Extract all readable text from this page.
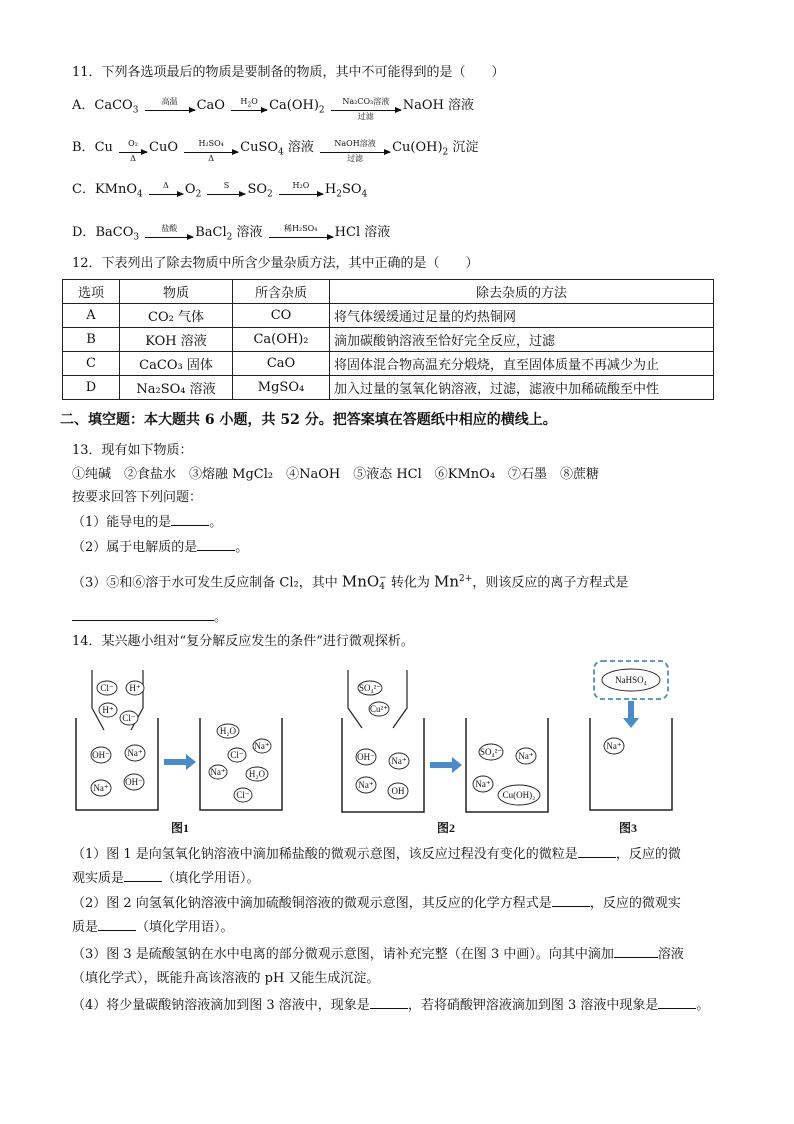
11．下列各选项最后的物质是要制备的物质，其中不可能得到的是（　　）
A．CaCO$_3$
高温	CaO	$H_2O$ $Ca(OH)_2$
Na₂CO₃溶液
过滤
NaOH 溶液
B．Cu $\frac{\text{O₂}}{\Delta}$ CuO $\frac{\text{H₂SO₄}}{\Delta}$ CuSO$_4$ 溶液	NaOH溶液
过滤
$Cu(OH)_2$ 沉淀
C．KMnO$_4$
Δ	$O_2$
S	$SO_2$
H₂O	$H_2SO_4$
D．BaCO$_3$
盐酸	BaCl$_2$ 溶液	稀H₂SO₄	HCl 溶液
12．下表列出了除去物质中所含少量杂质方法，其中正确的是（　　）
选项	物质	所含杂质	除去杂质的方法
A	CO₂ 气体	CO	将气体缓缓通过足量的灼热铜网
B	KOH 溶液	Ca(OH)₂	滴加碳酸钠溶液至恰好完全反应，过滤
C	CaCO₃ 固体	CaO	将固体混合物高温充分煅烧，直至固体质量不再减少为止
D	Na₂SO₄ 溶液	MgSO₄	加入过量的氢氧化钠溶液，过滤，滤液中加稀硫酸至中性
二、填空题：本大题共 6 小题，共 52 分。把答案填在答题纸中相应的横线上。
13．现有如下物质：
①纯碱　②食盐水　③熔融 MgCl₂　④NaOH　⑤液态 HCl　⑥KMnO₄　⑦石墨　⑧蔗糖
按要求回答下列问题：
（1）能导电的是	。
（2）属于电解质的是	。
（3）⑤和⑥溶于水可发生反应制备 Cl₂，其中 MnO −
4 转化为 $Mn^{2+}$，则该反应的离子方程式是
。
14．某兴趣小组对“复分解反应发生的条件”进行微观探析。
Cl⁻ H⁺
H⁺
Cl⁻
OH⁻ Na⁺
Na⁺
OH⁻
H₂O
Cl⁻
Na⁺
Na⁺	H₂O
Cl⁻
SO₄²⁻
Cu²⁺
OH⁻ Na⁺
Na⁺
OH
SO₄²⁻ Na⁺
Na⁺
Cu(OH)₂
NaHSO₄
Na⁺
图1	图2	图3
（1）图 1 是向氢氧化钠溶液中滴加稀盐酸的微观示意图，该反应过程没有变化的微粒是	，反应的微
观实质是	（填化学用语）。
（2）图 2 向氢氧化钠溶液中滴加硫酸铜溶液的微观示意图，其反应的化学方程式是	，反应的微观实
质是	（填化学用语）。
（3）图 3 是硫酸氢钠在水中电离的部分微观示意图，请补充完整（在图 3 中画）。向其中滴加	溶液
（填化学式），既能升高该溶液的 pH 又能生成沉淀。
（4）将少量碳酸钠溶液滴加到图 3 溶液中，现象是	，若将硝酸钾溶液滴加到图 3 溶液中现象是	。
